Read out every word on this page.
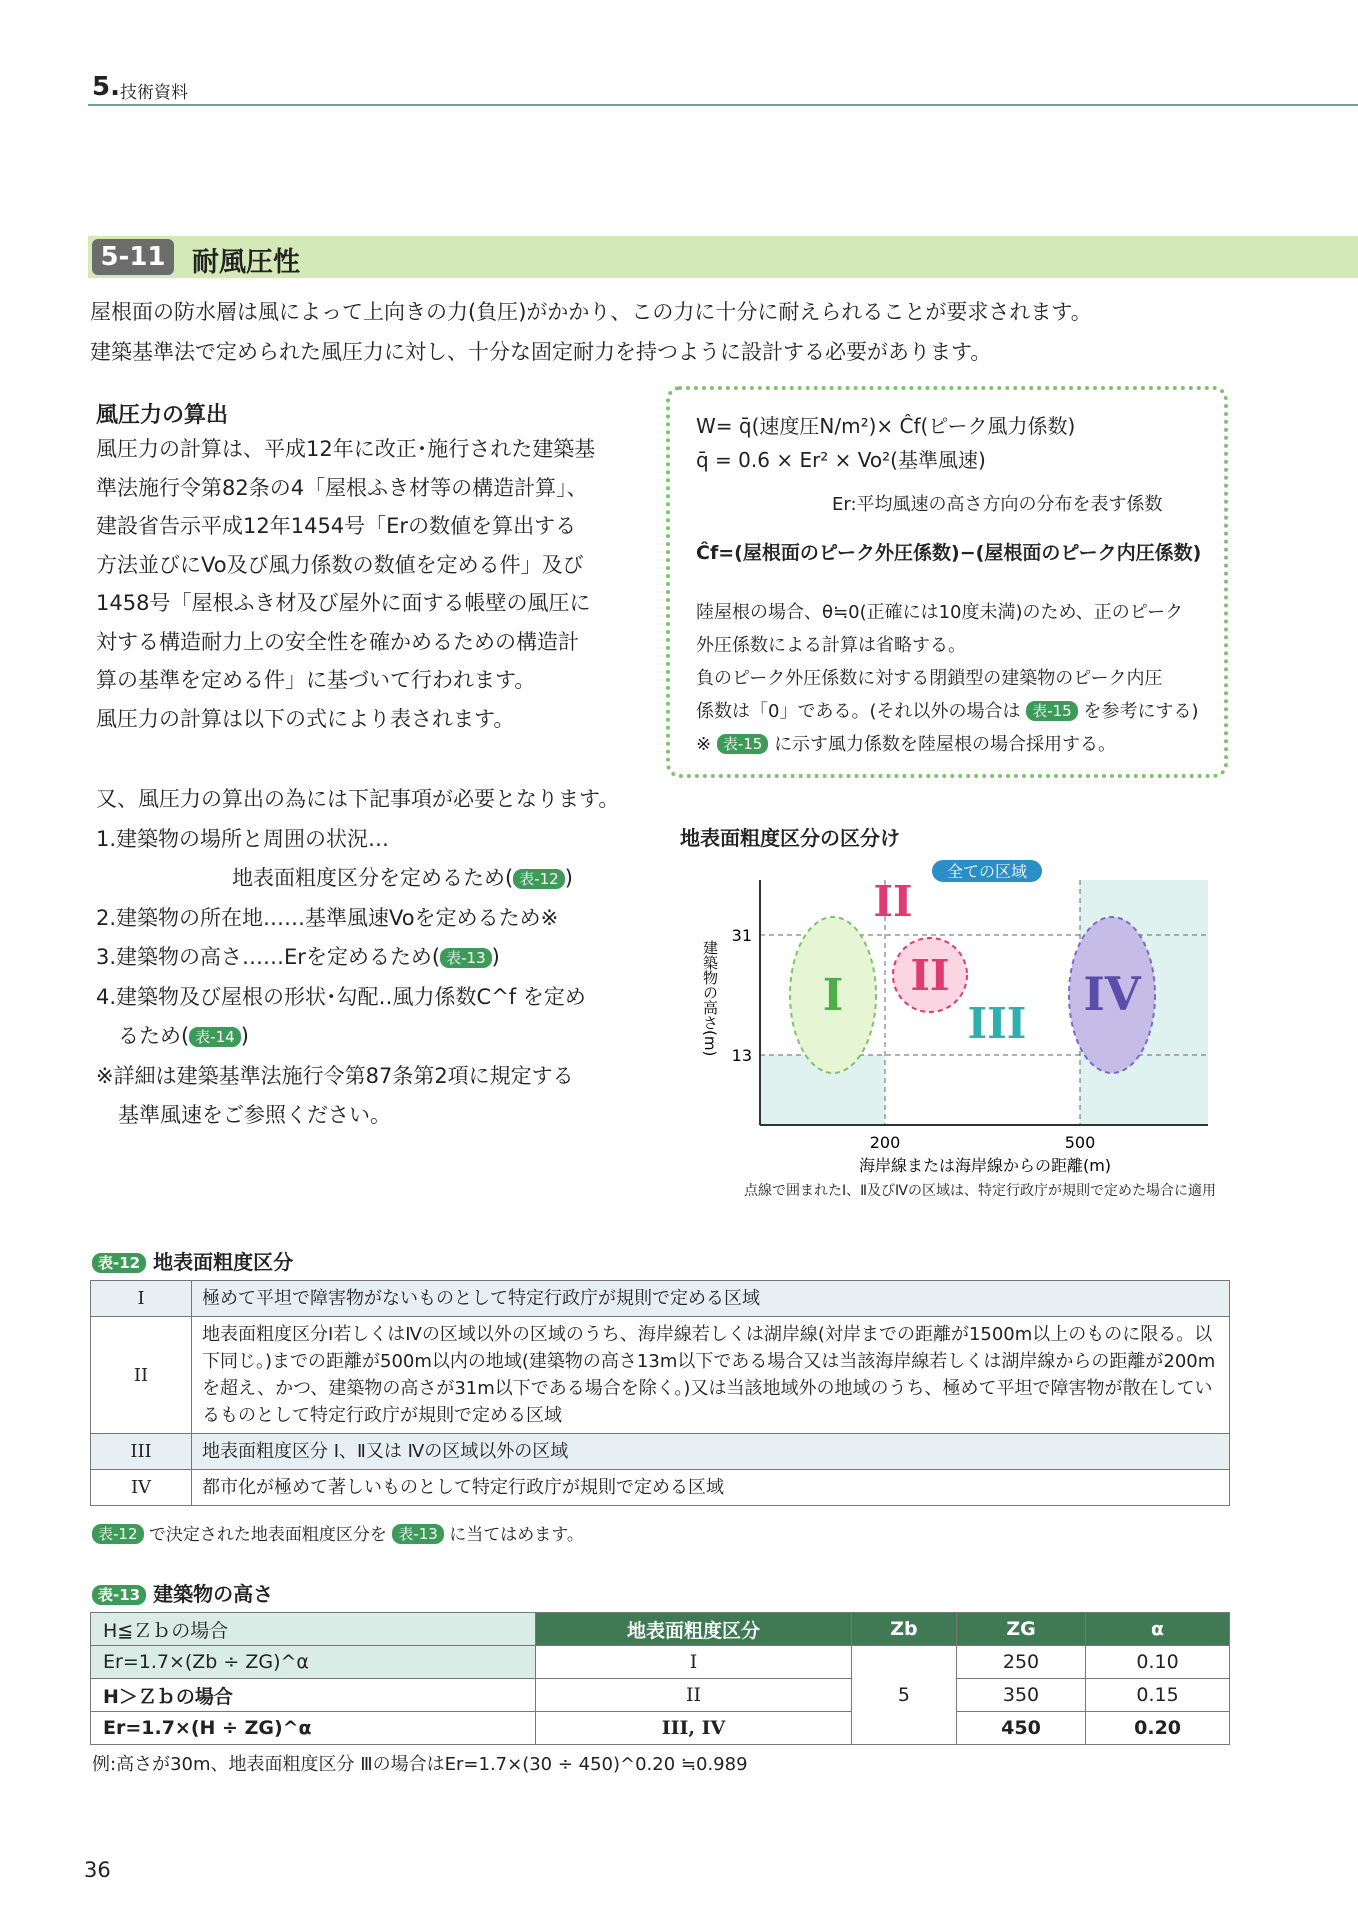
5. 技術資料
5-11 耐風圧性
屋根面の防水層は風によって上向きの力(負圧)がかかり、この力に十分に耐えられることが要求されます。
建築基準法で定められた風圧力に対し、十分な固定耐力を持つように設計する必要があります。
風圧力の算出
風圧力の計算は、平成12年に改正･施行された建築基
準法施行令第82条の4「屋根ふき材等の構造計算」、
建設省告示平成12年1454号「Erの数値を算出する
方法並びにVo及び風力係数の数値を定める件」及び
1458号「屋根ふき材及び屋外に面する帳壁の風圧に
対する構造耐力上の安全性を確かめるための構造計
算の基準を定める件」に基づいて行われます。
風圧力の計算は以下の式により表されます。
又、風圧力の算出の為には下記事項が必要となります。
1.建築物の場所と周囲の状況…
地表面粗度区分を定めるため( 表-12 )
2.建築物の所在地……基準風速Voを定めるため※
3.建築物の高さ……Erを定めるため( 表-13 )
4.建築物及び屋根の形状･勾配‥風力係数C^f を定め
るため( 表-14 )
※詳細は建築基準法施行令第87条第2項に規定する
基準風速をご参照ください。
W= q̄(速度圧N/m²)× Ĉf(ピーク風力係数)
q̄ = 0.6 × Er² × Vo²(基準風速)
Er:平均風速の高さ方向の分布を表す係数
Ĉf=(屋根面のピーク外圧係数)−(屋根面のピーク内圧係数)
陸屋根の場合、θ≒0(正確には10度未満)のため、正のピーク
外圧係数による計算は省略する。
負のピーク外圧係数に対する閉鎖型の建築物のピーク内圧
係数は「0」である。(それ以外の場合は 表-15 を参考にする)
※ 表-15 に示す風力係数を陸屋根の場合採用する。
地表面粗度区分の区分け
全ての区域
I
II
II
III
IV
31
13
200	500
海岸線または海岸線からの距離(m)
建築物の高さ(m)
点線で囲まれたⅠ、Ⅱ及びⅣの区域は、特定行政庁が規則で定めた場合に適用
表-12 地表面粗度区分
I	極めて平坦で障害物がないものとして特定行政庁が規則で定める区域
II	地表面粗度区分Ⅰ若しくはⅣの区域以外の区域のうち、海岸線若しくは湖岸線(対岸までの距離が1500m以上のものに限る。以下同じ。)までの距離が500m以内の地域(建築物の高さ13m以下である場合又は当該海岸線若しくは湖岸線からの距離が200mを超え、かつ、建築物の高さが31m以下である場合を除く。)又は当該地域外の地域のうち、極めて平坦で障害物が散在しているものとして特定行政庁が規則で定める区域
III	地表面粗度区分 Ⅰ、Ⅱ又は Ⅳの区域以外の区域
IV	都市化が極めて著しいものとして特定行政庁が規則で定める区域
表-12 で決定された地表面粗度区分を 表-13 に当てはめます。
表-13 建築物の高さ
H≦Ｚｂの場合	地表面粗度区分	Zb	ZG	α
Er=1.7×(Zb ÷ ZG)^α	I	5	250	0.10
H＞Ｚｂの場合	II		350	0.15
Er=1.7×(H ÷ ZG)^α	III, IV		450	0.20
例:高さが30m、地表面粗度区分 Ⅲの場合はEr=1.7×(30 ÷ 450)^0.20 ≒0.989
36
